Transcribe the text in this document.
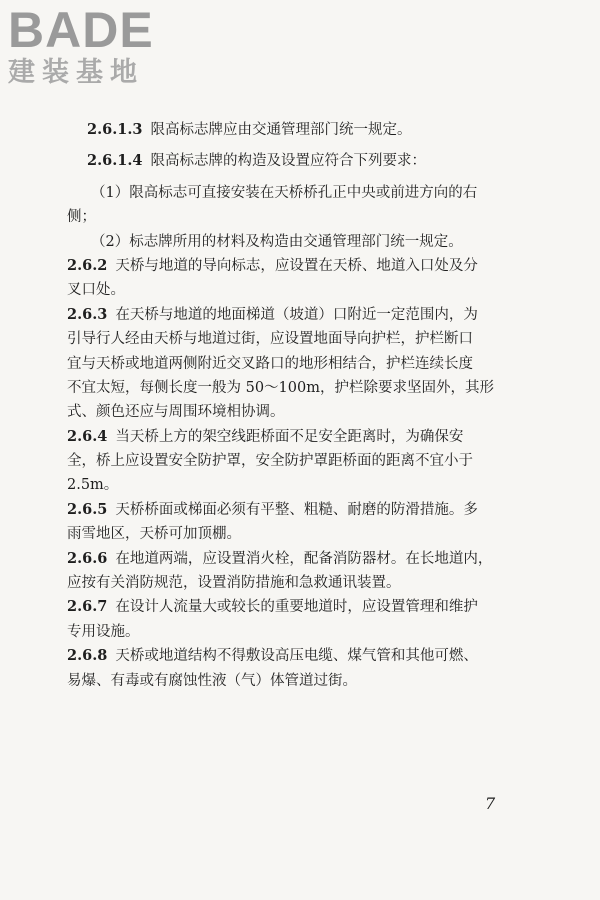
BADE
建装基地
2.6.1.3 限高标志牌应由交通管理部门统一规定。
2.6.1.4 限高标志牌的构造及设置应符合下列要求：
（1）限高标志可直接安装在天桥桥孔正中央或前进方向的右
侧；
（2）标志牌所用的材料及构造由交通管理部门统一规定。
2.6.2 天桥与地道的导向标志，应设置在天桥、地道入口处及分
叉口处。
2.6.3 在天桥与地道的地面梯道（坡道）口附近一定范围内，为
引导行人经由天桥与地道过街，应设置地面导向护栏，护栏断口
宜与天桥或地道两侧附近交叉路口的地形相结合，护栏连续长度
不宜太短，每侧长度一般为 50～100m，护栏除要求坚固外，其形
式、颜色还应与周围环境相协调。
2.6.4 当天桥上方的架空线距桥面不足安全距离时，为确保安
全，桥上应设置安全防护罩，安全防护罩距桥面的距离不宜小于
2.5m。
2.6.5 天桥桥面或梯面必须有平整、粗糙、耐磨的防滑措施。多
雨雪地区，天桥可加顶棚。
2.6.6 在地道两端，应设置消火栓，配备消防器材。在长地道内，
应按有关消防规范，设置消防措施和急救通讯装置。
2.6.7 在设计人流量大或较长的重要地道时，应设置管理和维护
专用设施。
2.6.8 天桥或地道结构不得敷设高压电缆、煤气管和其他可燃、
易爆、有毒或有腐蚀性液（气）体管道过街。
7
